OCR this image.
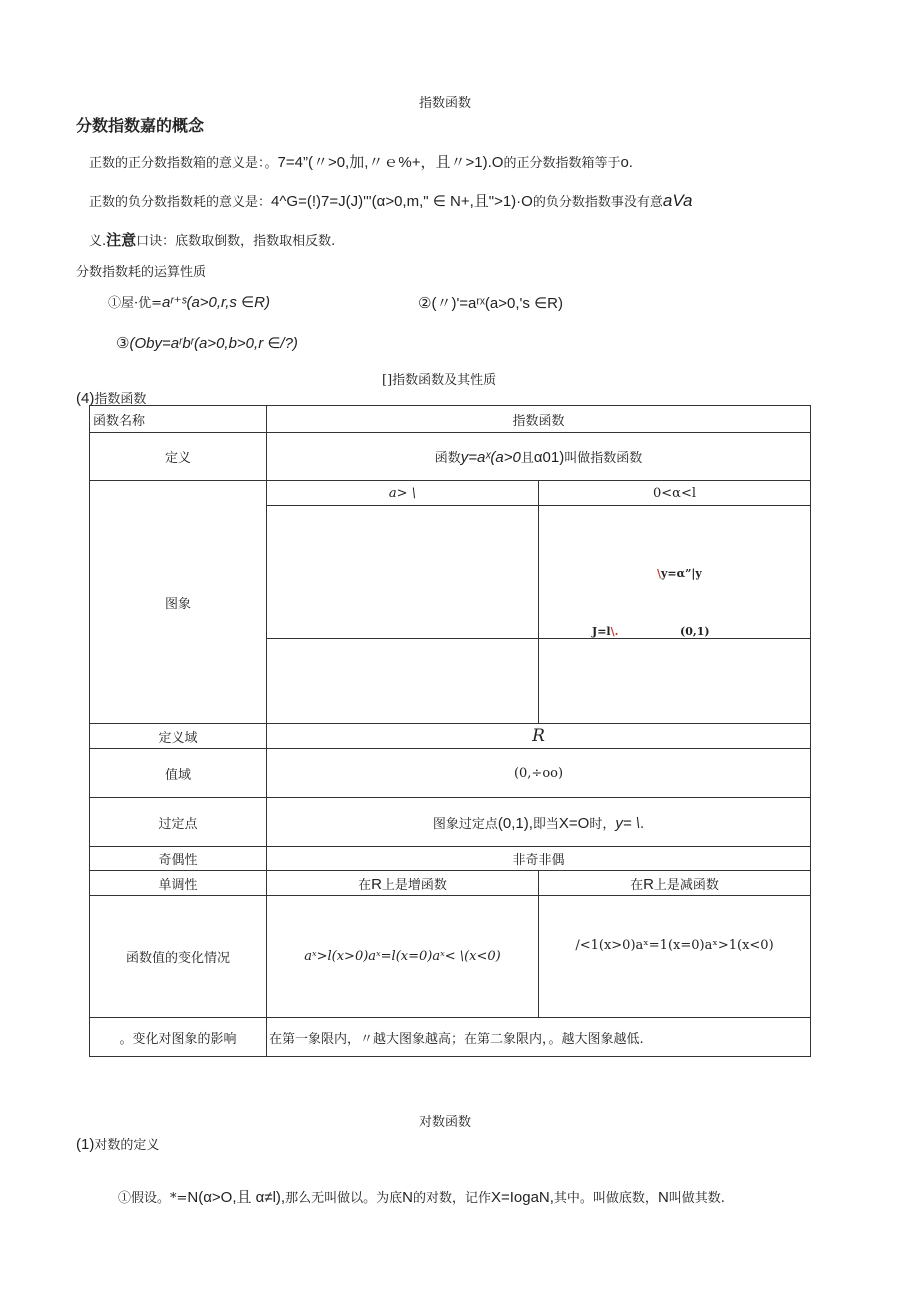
指数函数
分数指数嘉的概念
正数的正分数指数箱的意义是：。7=4”(〃>0,加,〃ｅ%+，且〃>1).O的正分数指数箱等于o.
正数的负分数指数耗的意义是：4^G=(!)7=J(J)'''(α>0,m," ∈ N+,且">1)·O的负分数指数事没有意aVa
义.注意口诀：底数取倒数，指数取相反数.
分数指数耗的运算性质
①屋·优=aʳ⁺ˢ(a>0,r,s ∈R)	②(〃)'=aʳˣ(a>0,'s ∈R)
③(Oby=aʳbʳ(a>0,b>0,r ∈/?)
[]指数函数及其性质
(4)指数函数
函数名称	指数函数	
定义	函数y=aˣ(a>0且α01)叫做指数函数	
图象	a> \	0<α<l

		\y=α”|y
J=l\. (0,1)

定义域	R	
值域	(0,÷oo)	
过定点	图象过定点(0,1),即当X=O时，y= \.	
奇偶性	非奇非偶	
单调性	在R上是增函数	在R上是减函数
函数值的变化情况	aˣ>l(x>0)aˣ=l(x=0)aˣ< \(x<0)	/<1(x>0)aˣ=1(x=0)aˣ>1(x<0)
。变化对图象的影响	在第一象限内，〃越大图象越高；在第二象限内，。越大图象越低.	
对数函数
(1)对数的定义
①假设。*=N(α>O,且 α≠l),那么无叫做以。为底N的对数，记作X=IogaN,其中。叫做底数，N叫做其数.
